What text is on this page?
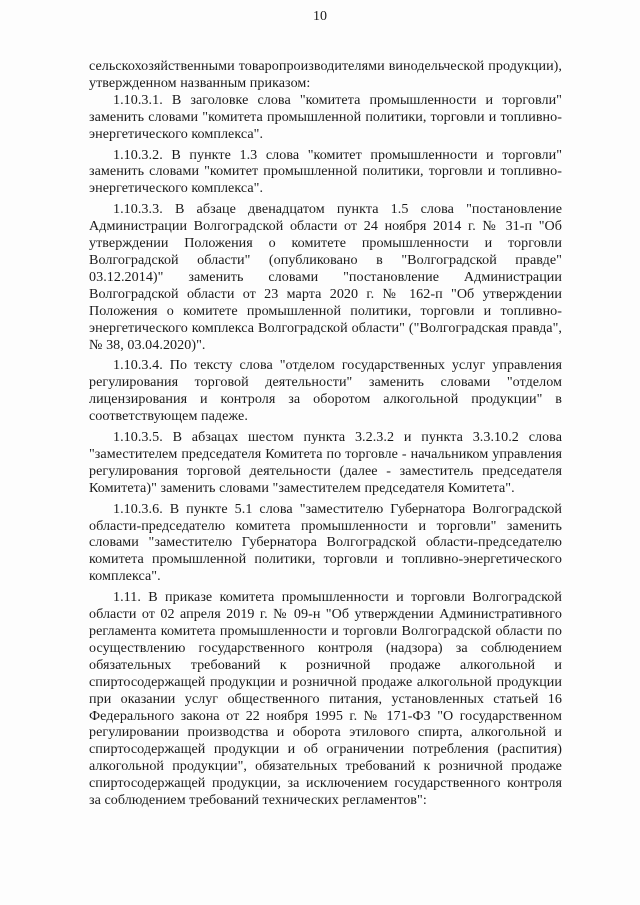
10

сельскохозяйственными товаропроизводителями винодельческой продукции), утвержденном названным приказом:

1.10.3.1. В заголовке слова "комитета промышленности и торговли" заменить словами "комитета промышленной политики, торговли и топливно-энергетического комплекса".

1.10.3.2. В пункте 1.3 слова "комитет промышленности и торговли" заменить словами "комитет промышленной политики, торговли и топливно-энергетического комплекса".

1.10.3.3. В абзаце двенадцатом пункта 1.5 слова "постановление Администрации Волгоградской области от 24 ноября 2014 г. № 31-п "Об утверждении Положения о комитете промышленности и торговли Волгоградской области" (опубликовано в "Волгоградской правде" 03.12.2014)" заменить словами "постановление Администрации Волгоградской области от 23 марта 2020 г. № 162-п "Об утверждении Положения о комитете промышленной политики, торговли и топливно-энергетического комплекса Волгоградской области" ("Волгоградская правда", № 38, 03.04.2020)".

1.10.3.4. По тексту слова "отделом государственных услуг управления регулирования торговой деятельности" заменить словами "отделом лицензирования и контроля за оборотом алкогольной продукции" в соответствующем падеже.

1.10.3.5. В абзацах шестом пункта 3.2.3.2 и пункта 3.3.10.2 слова "заместителем председателя Комитета по торговле - начальником управления регулирования торговой деятельности (далее - заместитель председателя Комитета)" заменить словами "заместителем председателя Комитета".

1.10.3.6. В пункте 5.1 слова "заместителю Губернатора Волгоградской области-председателю комитета промышленности и торговли" заменить словами "заместителю Губернатора Волгоградской области-председателю комитета промышленной политики, торговли и топливно-энергетического комплекса".

1.11. В приказе комитета промышленности и торговли Волгоградской области от 02 апреля 2019 г. № 09-н "Об утверждении Административного регламента комитета промышленности и торговли Волгоградской области по осуществлению государственного контроля (надзора) за соблюдением обязательных требований к розничной продаже алкогольной и спиртосодержащей продукции и розничной продаже алкогольной продукции при оказании услуг общественного питания, установленных статьей 16 Федерального закона от 22 ноября 1995 г. № 171-ФЗ "О государственном регулировании производства и оборота этилового спирта, алкогольной и спиртосодержащей продукции и об ограничении потребления (распития) алкогольной продукции", обязательных требований к розничной продаже спиртосодержащей продукции, за исключением государственного контроля за соблюдением требований технических регламентов":
